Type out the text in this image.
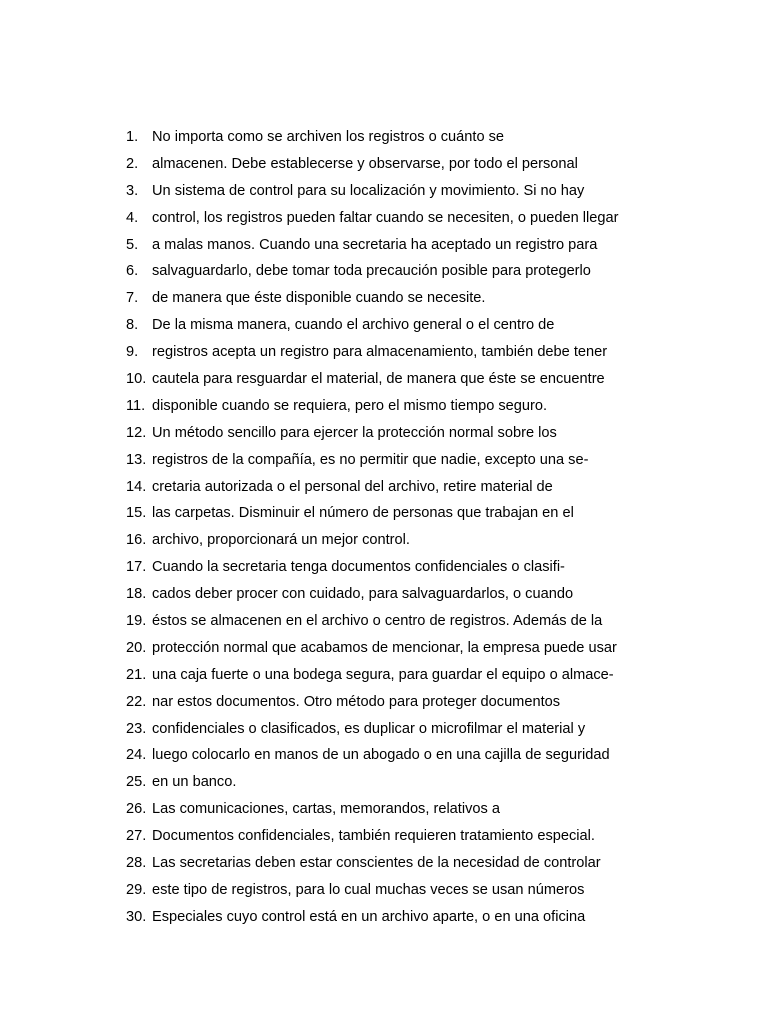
1. No importa como se archiven los registros o cuánto se
2. almacenen. Debe establecerse y observarse, por todo el personal
3. Un sistema de control para su localización y movimiento. Si no hay
4. control, los registros pueden faltar cuando se necesiten, o pueden llegar
5. a malas manos. Cuando una secretaria ha aceptado un registro para
6. salvaguardarlo, debe tomar toda precaución posible para protegerlo
7. de manera que éste disponible cuando se necesite.
8. De la misma manera, cuando el archivo general o el centro de
9. registros acepta un registro para almacenamiento, también debe tener
10. cautela para resguardar el material, de manera que éste se encuentre
11. disponible cuando se requiera, pero el mismo tiempo seguro.
12. Un método sencillo para ejercer la protección normal sobre los
13. registros de la compañía, es no permitir que nadie, excepto una se-
14. cretaria autorizada o el personal del archivo, retire material de
15. las carpetas. Disminuir el número de personas que trabajan en el
16. archivo, proporcionará un mejor control.
17. Cuando la secretaria tenga documentos confidenciales o clasifi-
18. cados deber procer con cuidado, para salvaguardarlos, o cuando
19. éstos se almacenen en el archivo o centro de registros. Además de la
20. protección normal que acabamos de mencionar, la empresa puede usar
21. una caja fuerte o una bodega segura, para guardar el equipo o almace-
22. nar estos documentos. Otro método para proteger documentos
23. confidenciales o clasificados, es duplicar o microfilmar el material y
24. luego colocarlo en manos de un abogado o en una cajilla de seguridad
25. en un banco.
26. Las comunicaciones, cartas, memorandos, relativos a
27. Documentos confidenciales, también requieren tratamiento especial.
28. Las secretarias deben estar conscientes de la necesidad de controlar
29. este tipo de registros, para lo cual muchas veces se usan números
30. Especiales cuyo control está en un archivo aparte, o en una oficina
